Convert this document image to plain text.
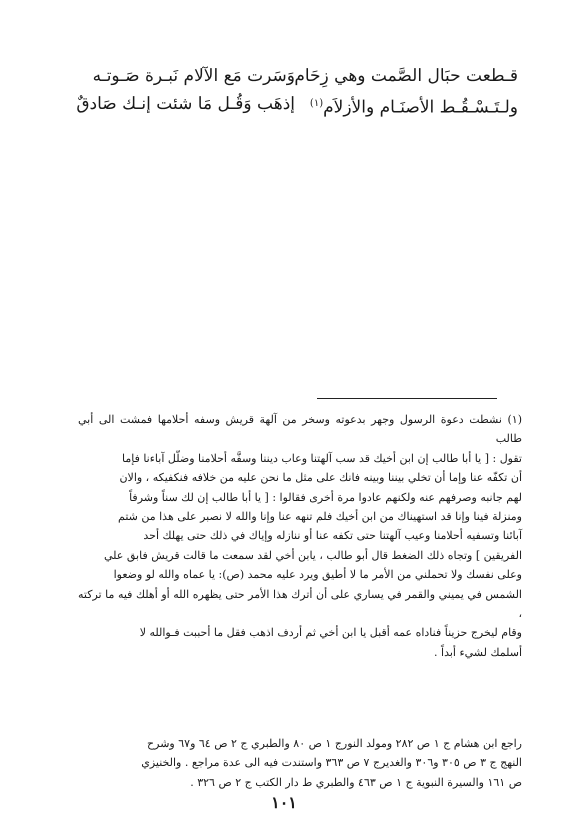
قـطعت حبَال الصَّمت وهي زِحَام
وَسَرت مَع الآلام نَبـرة صَـوتـه
ولـتَـسْـقُـط الأصنَـام والأزلاَم$^{(١)}$
إذهَب وَقُـل مَا شئت إنـك صَادقٌ

(١) نشطت دعوة الرسول وجهر بدعوته وسخر من آلهة قريش وسفه أحلامها فمشت الى أبي طالب

تقول : [ يا أبا طالب إن ابن أخيك قد سب آلهتنا وعاب ديننا وسفَّه أحلامنا وضلّل آباءنا فإما

أن تكفّه عنا وإما أن تخلي بيننا وبينه فانك على مثل ما نحن عليه من خلافه فنكفيكه ، والان

لهم جانبه وصرفهم عنه ولكنهم عادوا مرة أخرى فقالوا : [ يا أبا طالب إن لك سناً وشرفاً

ومنزلة فينا وإنا قد استهيناك من ابن أخيك فلم تنهه عنا وإنا والله لا نصبر على هذا من شتم

آبائنا وتسفيه أحلامنا وعيب آلهتنا حتى تكفه عنا أو ننازله وإياك في ذلك حتى يهلك أحد

الفريقين ] وتجاه ذلك الضغط قال أبو طالب ، يابن أخي لقد سمعت ما قالت قريش فابق علي

وعلى نفسك ولا تحملني من الأمر ما لا أطيق ويرد عليه محمد (ص): يا عماه والله لو وضعوا

الشمس في يميني والقمر في يساري على أن أترك هذا الأمر حتى يظهره الله أو أهلك فيه ما تركته ،

وقام ليخرج حزيناً فناداه عمه أقبل يا ابن أخي ثم أردف اذهب فقل ما أحببت فـوالله لا

أسلمك لشيء أبداً .

راجع ابن هشام ج ١ ص ٢٨٢ ومولد النورج ١ ص ٨٠ والطبري ج ٢ ص ٦٤ و٦٧ وشرح

النهج ج ٣ ص ٣٠٥ و٣٠٦ والغديرج ٧ ص ٣٦٣ واستندت فيه الى عدة مراجع . والخنيزي

ص ١٦١ والسيرة النبوية ج ١ ص ٤٦٣ والطبري ط دار الكتب ج ٢ ص ٣٢٦ .

١٠١
